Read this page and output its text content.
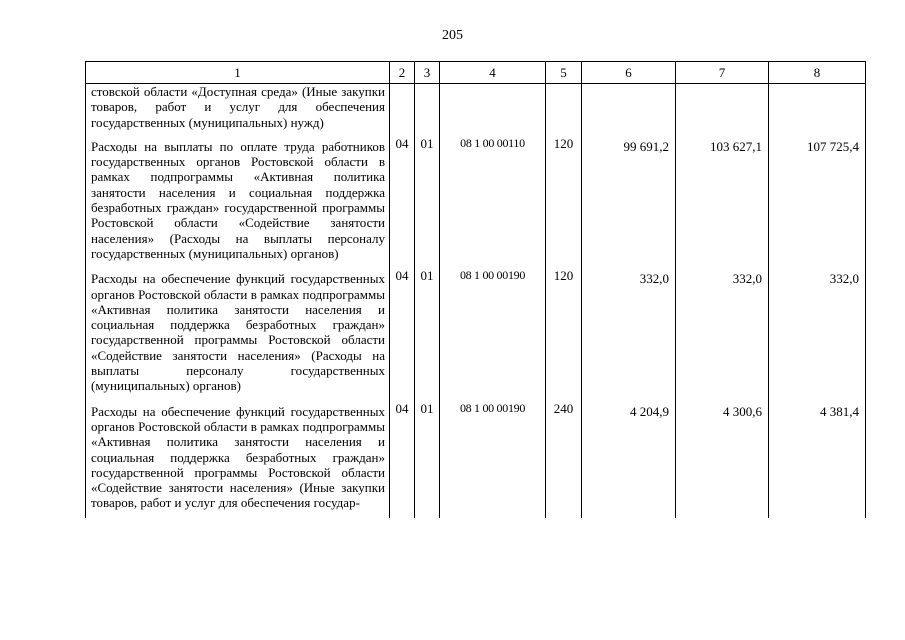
205
1	2	3	4	5	6	7	8
стовской области «Доступная среда» (Иные закупки товаров, работ и услуг для обеспечения государственных (муниципальных) нужд)							
Расходы на выплаты по оплате труда работников государственных органов Ростовской области в рамках подпрограммы «Активная политика занятости населения и социальная поддержка безработных граждан» государственной программы Ростовской области «Содействие занятости населения» (Расходы на выплаты персоналу государственных (муниципальных) органов)	04	01	08 1 00 00110	120	99 691,2	103 627,1	107 725,4
Расходы на обеспечение функций государственных органов Ростовской области в рамках подпрограммы «Активная политика занятости населения и социальная поддержка безработных граждан» государственной программы Ростовской области «Содействие занятости населения» (Расходы на выплаты персоналу государственных (муниципальных) органов)	04	01	08 1 00 00190	120	332,0	332,0	332,0
Расходы на обеспечение функций государственных органов Ростовской области в рамках подпрограммы «Активная политика занятости населения и социальная поддержка безработных граждан» государственной программы Ростовской области «Содействие занятости населения» (Иные закупки товаров, работ и услуг для обеспечения государ-	04	01	08 1 00 00190	240	4 204,9	4 300,6	4 381,4
